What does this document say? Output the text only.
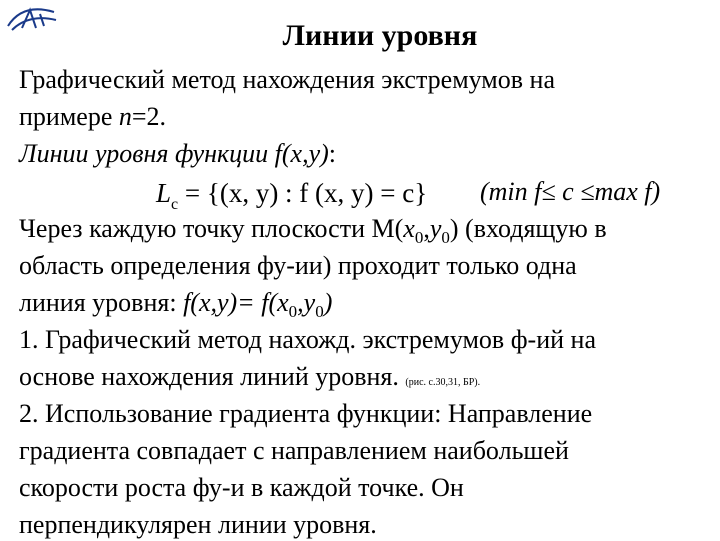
Линии уровня
Графический метод нахождения экстремумов на
примере n=2.
Линии уровня функции f(x,y):
$L_c = \{(x$, y) : f (x, y) = c} (min f≤ c ≤max f)
Через каждую точку плоскости $М(x_0,y_0)$ (входящую в
область определения фу-ии) проходит только одна
линия уровня: $f(x,y)= f(x_0,y_0)$
1. Графический метод нахожд. экстремумов ф-ий на
основе нахождения линий уровня. (рис. с.30,31, БР).
2. Использование градиента функции: Направление
градиента совпадает с направлением наибольшей
скорости роста фу-и в каждой точке. Он
перпендикулярен линии уровня.
